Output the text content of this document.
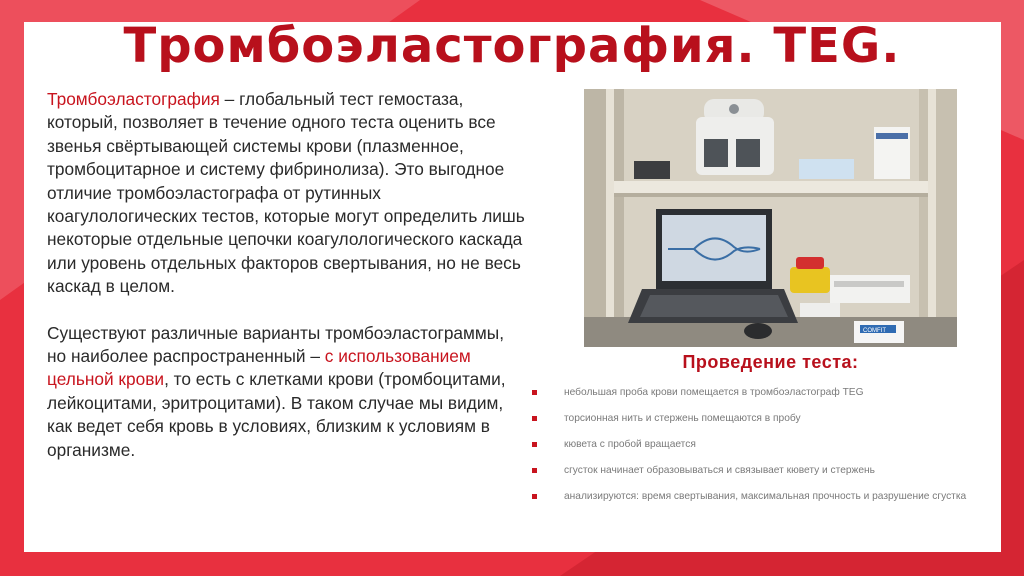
Тромбоэластография. TEG.

Тромбоэластография – глобальный тест гемостаза, который, позволяет в течение одного теста оценить все звенья свёртывающей системы крови (плазменное, тромбоцитарное и систему фибринолиза). Это выгодное отличие тромбоэластографа от рутинных коагулологических тестов, которые могут определить лишь некоторые отдельные цепочки коагулологического каскада или уровень отдельных факторов свертывания, но не весь каскад в целом.

Существуют различные варианты тромбоэластограммы, но наиболее распространенный – с использованием цельной крови, то есть с клетками крови (тромбоцитами, лейкоцитами, эритроцитами). В таком случае мы видим, как ведет себя кровь в условиях, близким к условиям в организме.

COMFIT
Проведение теста:
небольшая проба крови помещается в тромбоэластограф TEG
торсионная нить и стержень помещаются в пробу
кювета с пробой вращается
сгусток начинает образовываться и связывает кювету и стержень
анализируются: время свертывания, максимальная прочность и разрушение сгустка
